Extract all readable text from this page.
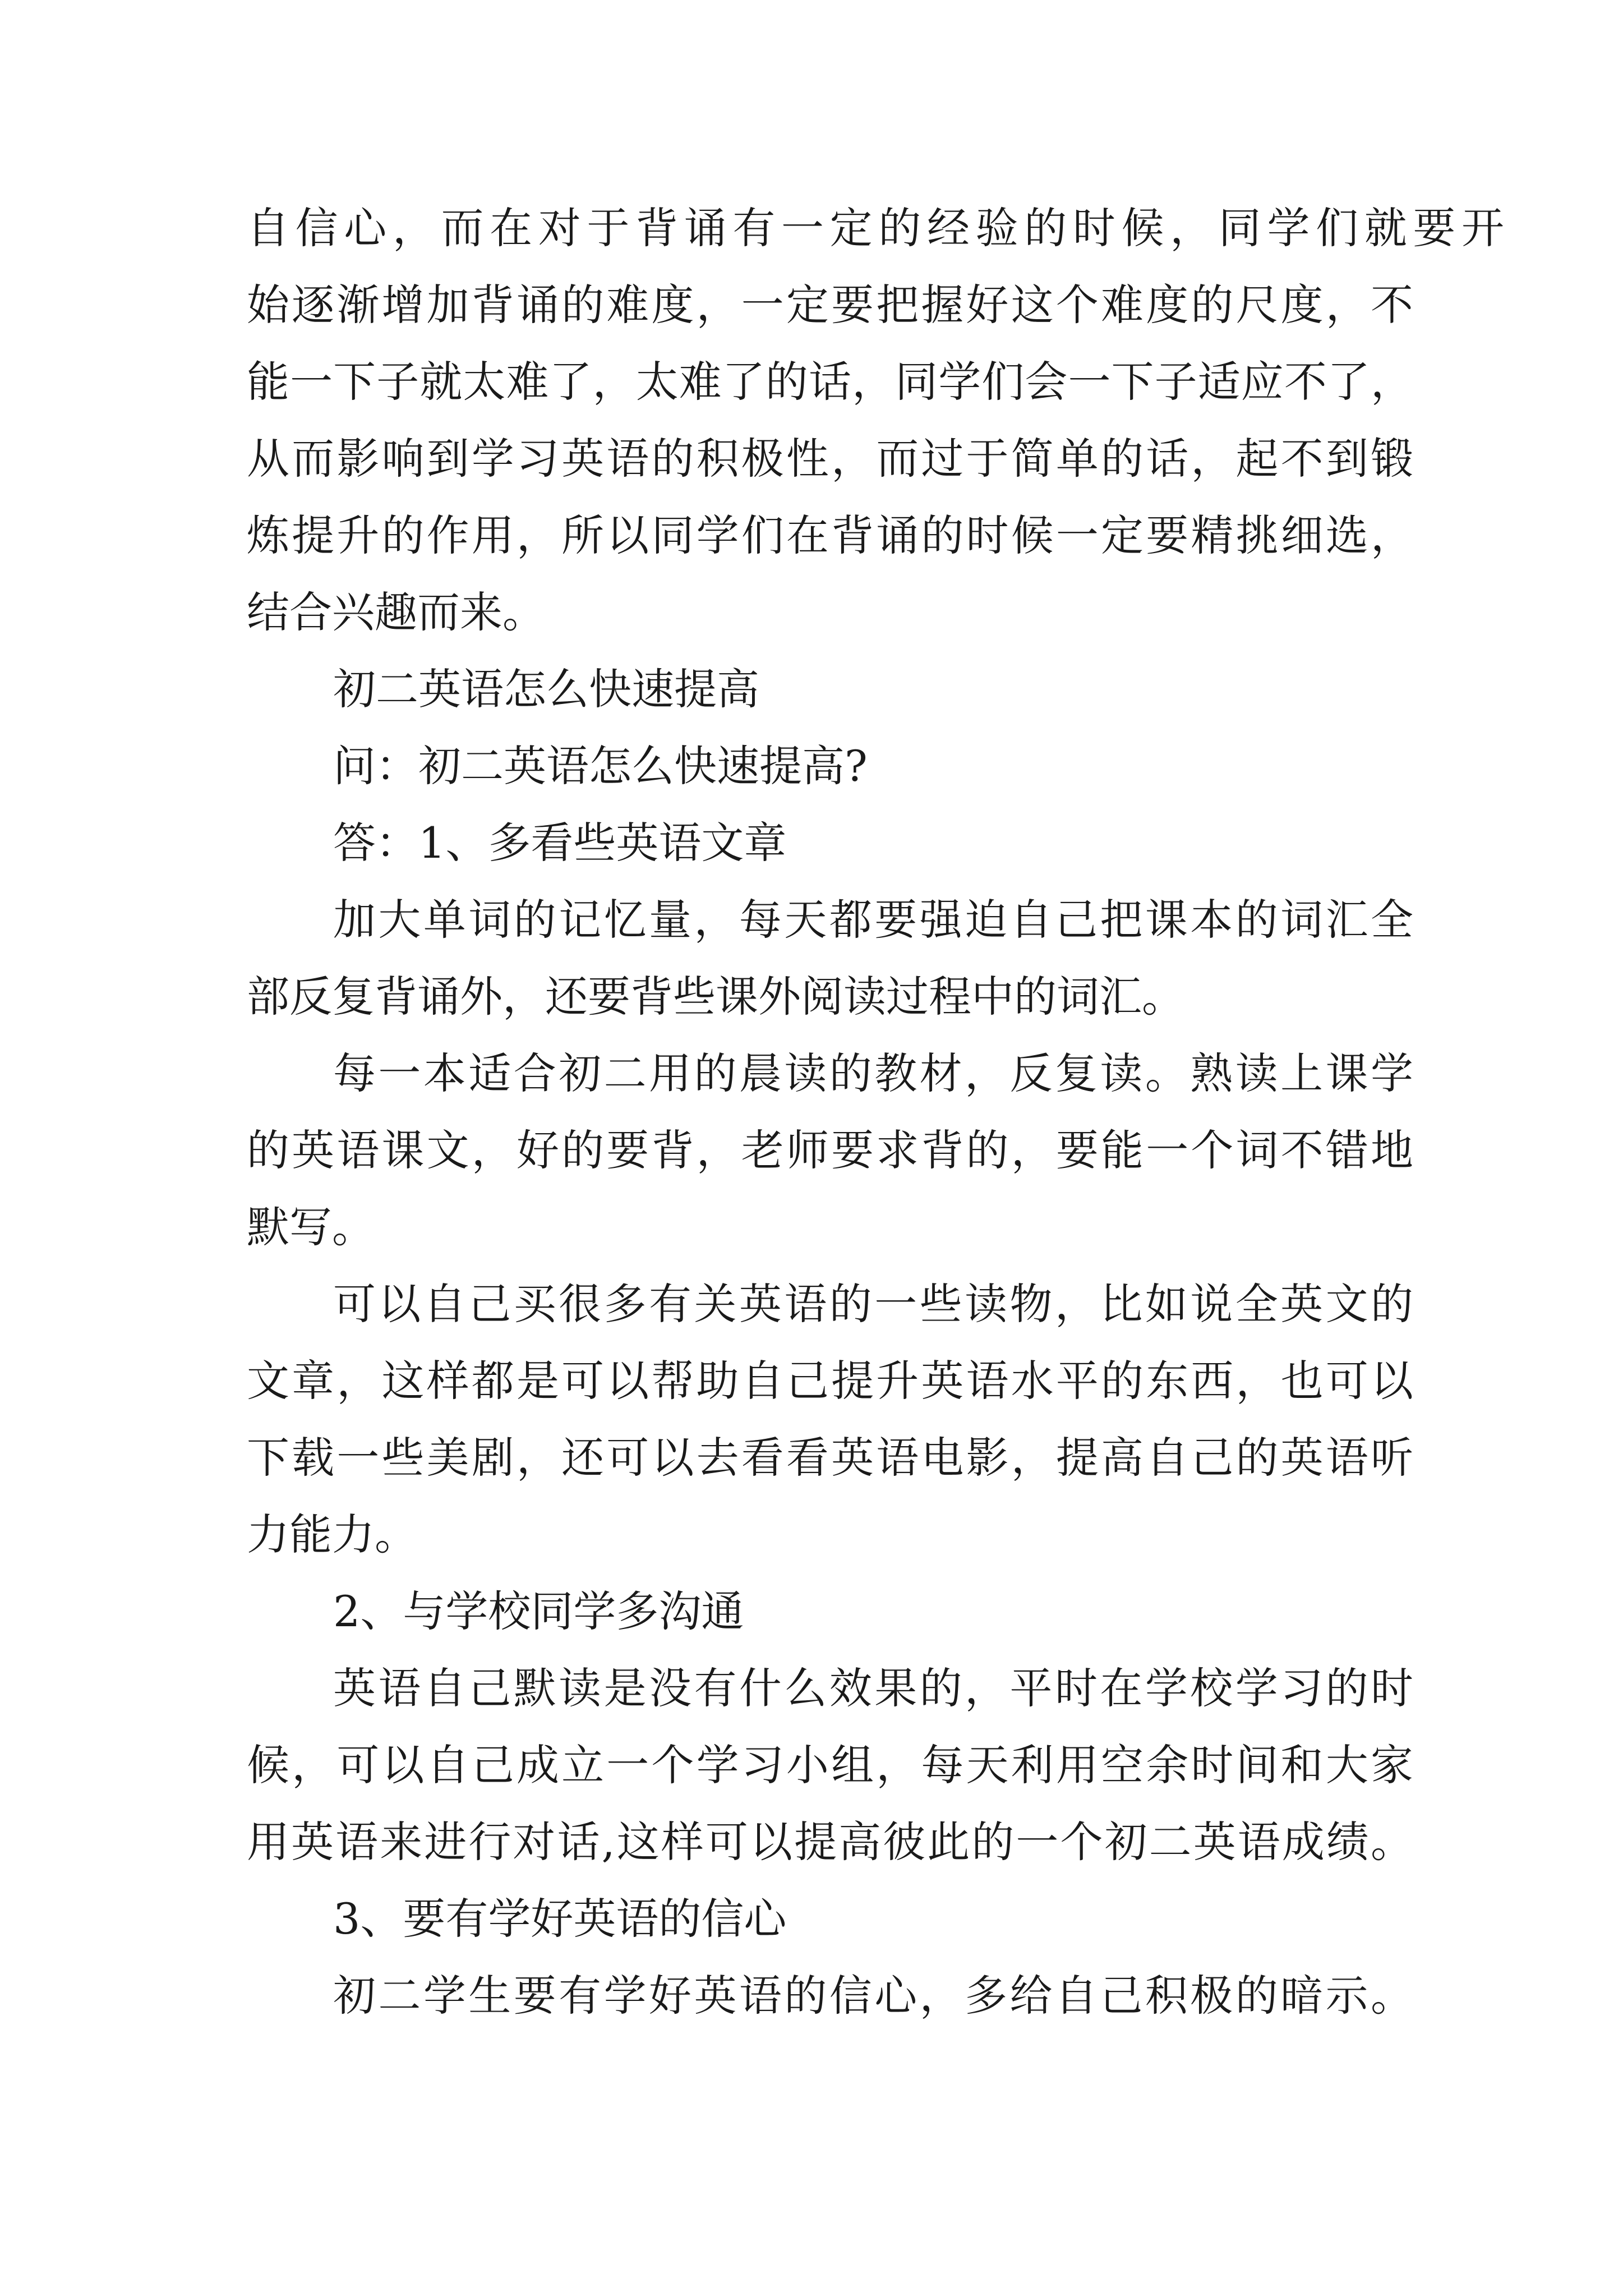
自信心，而在对于背诵有一定的经验的时候，同学们就要开
始逐渐增加背诵的难度，一定要把握好这个难度的尺度，不
能一下子就太难了，太难了的话，同学们会一下子适应不了，
从而影响到学习英语的积极性，而过于简单的话，起不到锻
炼提升的作用，所以同学们在背诵的时候一定要精挑细选，
结合兴趣而来。
初二英语怎么快速提高
问：初二英语怎么快速提高?
答：1、多看些英语文章
加大单词的记忆量，每天都要强迫自己把课本的词汇全
部反复背诵外，还要背些课外阅读过程中的词汇。
每一本适合初二用的晨读的教材，反复读。熟读上课学
的英语课文，好的要背，老师要求背的，要能一个词不错地
默写。
可以自己买很多有关英语的一些读物，比如说全英文的
文章，这样都是可以帮助自己提升英语水平的东西，也可以
下载一些美剧，还可以去看看英语电影，提高自己的英语听
力能力。
2、与学校同学多沟通
英语自己默读是没有什么效果的，平时在学校学习的时
候，可以自己成立一个学习小组，每天利用空余时间和大家
用英语来进行对话,这样可以提高彼此的一个初二英语成绩。
3、要有学好英语的信心
初二学生要有学好英语的信心，多给自己积极的暗示。
